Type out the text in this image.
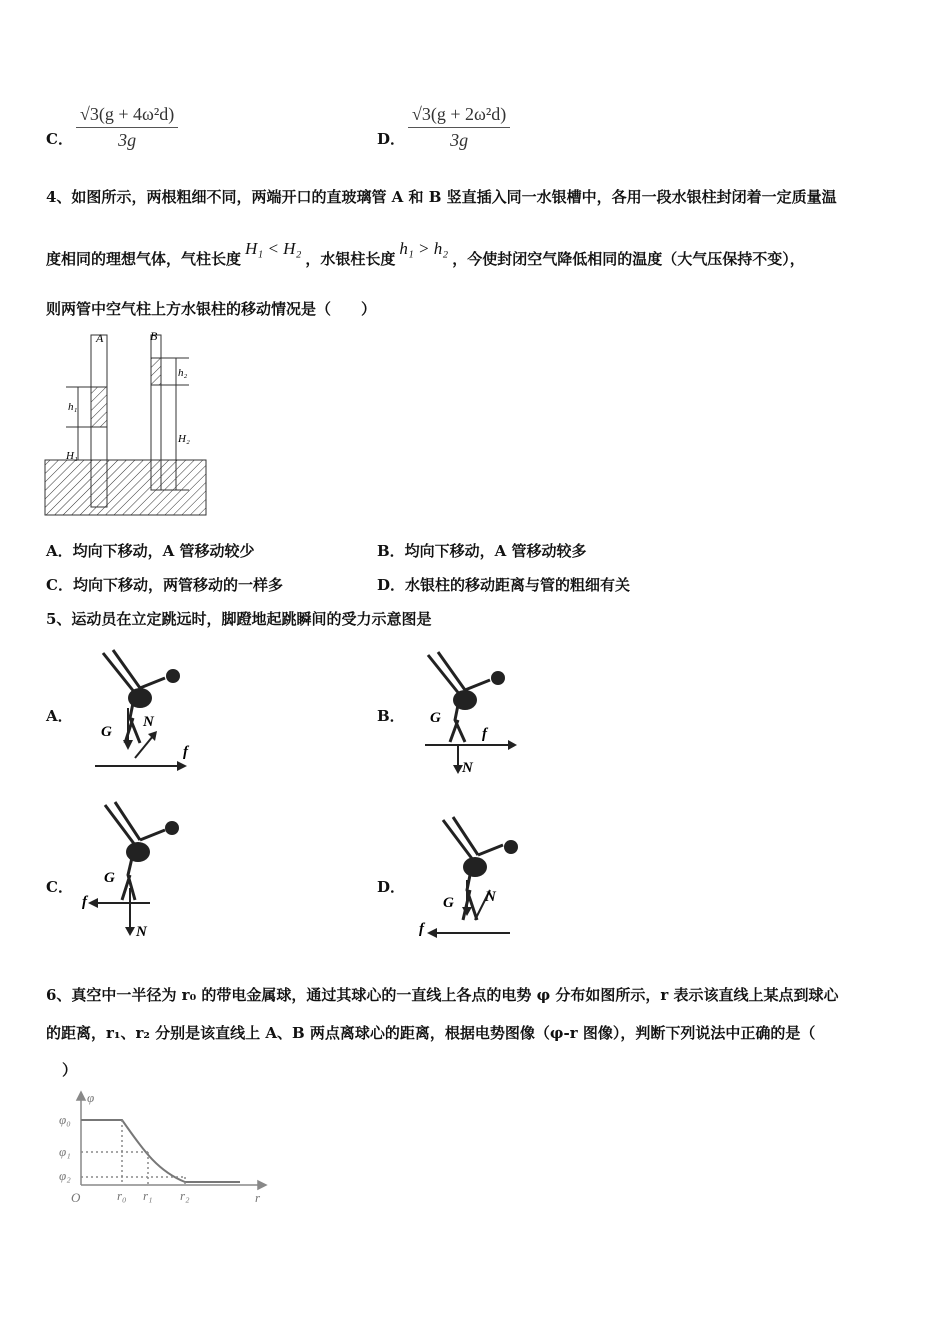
C． $\frac{\text{√3(g + 4ω²d)}}{3g}$	D． $\frac{\text{√3(g + 2ω²d)}}{3g}$
4、如图所示，两根粗细不同，两端开口的直玻璃管 A 和 B 竖直插入同一水银槽中，各用一段水银柱封闭着一定质量温
度相同的理想气体，气柱长度H₁ < H₂，水银柱长度h₁ > h₂，今使封闭空气降低相同的温度（大气压保持不变），
则两管中空气柱上方水银柱的移动情况是（　　）
A	B
h₁
h₂
H₁
H₂
A．均向下移动，A 管移动较少	B．均向下移动，A 管移动较多
C．均向下移动，两管移动的一样多	D．水银柱的移动距离与管的粗细有关
5、运动员在立定跳远时，脚蹬地起跳瞬间的受力示意图是
A．
G
N
f
B． G
N
f
C． G
N
f
D．
G N
f
6、真空中一半径为 r₀ 的带电金属球，通过其球心的一直线上各点的电势 φ 分布如图所示，r 表示该直线上某点到球心
的距离，r₁、r₂ 分别是该直线上 A、B 两点离球心的距离，根据电势图像（φ-r 图像），判断下列说法中正确的是（
）
φ
r
O
φ₀
φ₁
φ₂
r₀ r₁ r₂
